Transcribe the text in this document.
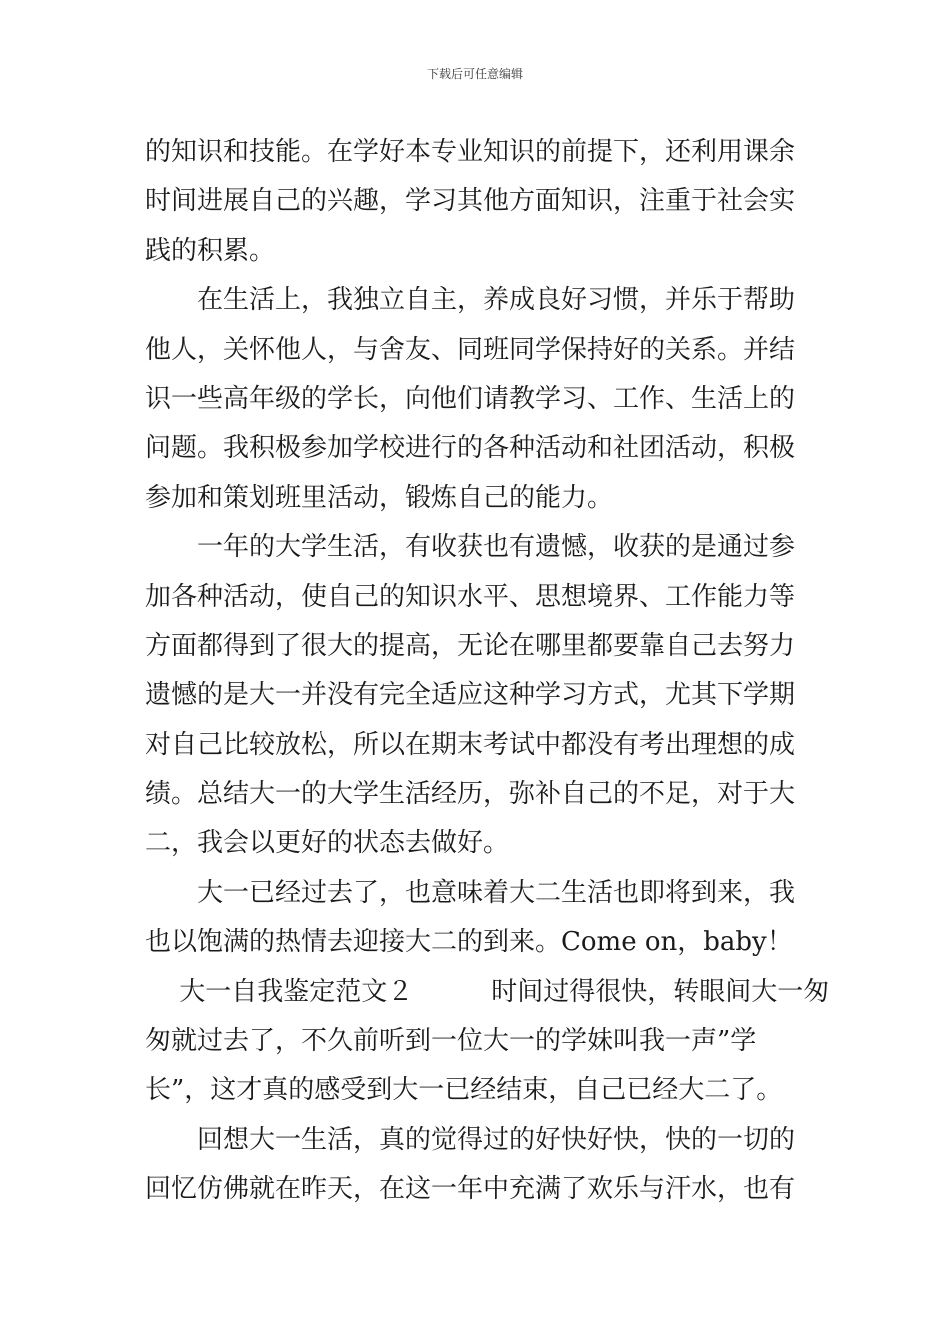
下载后可任意编辑
的知识和技能。在学好本专业知识的前提下，还利用课余
时间进展自己的兴趣，学习其他方面知识，注重于社会实
践的积累。
　　在生活上，我独立自主，养成良好习惯，并乐于帮助
他人，关怀他人，与舍友、同班同学保持好的关系。并结
识一些高年级的学长，向他们请教学习、工作、生活上的
问题。我积极参加学校进行的各种活动和社团活动，积极
参加和策划班里活动，锻炼自己的能力。
　　一年的大学生活，有收获也有遗憾，收获的是通过参
加各种活动，使自己的知识水平、思想境界、工作能力等
方面都得到了很大的提高，无论在哪里都要靠自己去努力
遗憾的是大一并没有完全适应这种学习方式，尤其下学期
对自己比较放松，所以在期末考试中都没有考出理想的成
绩。总结大一的大学生活经历，弥补自己的不足，对于大
二，我会以更好的状态去做好。
　　大一已经过去了，也意味着大二生活也即将到来，我
也以饱满的热情去迎接大二的到来。Come on，baby！
　 大一自我鉴定范文２　　　时间过得很快，转眼间大一匆
匆就过去了，不久前听到一位大一的学妹叫我一声”学
长”，这才真的感受到大一已经结束，自己已经大二了。
　　回想大一生活，真的觉得过的好快好快，快的一切的
回忆仿佛就在昨天，在这一年中充满了欢乐与汗水，也有
